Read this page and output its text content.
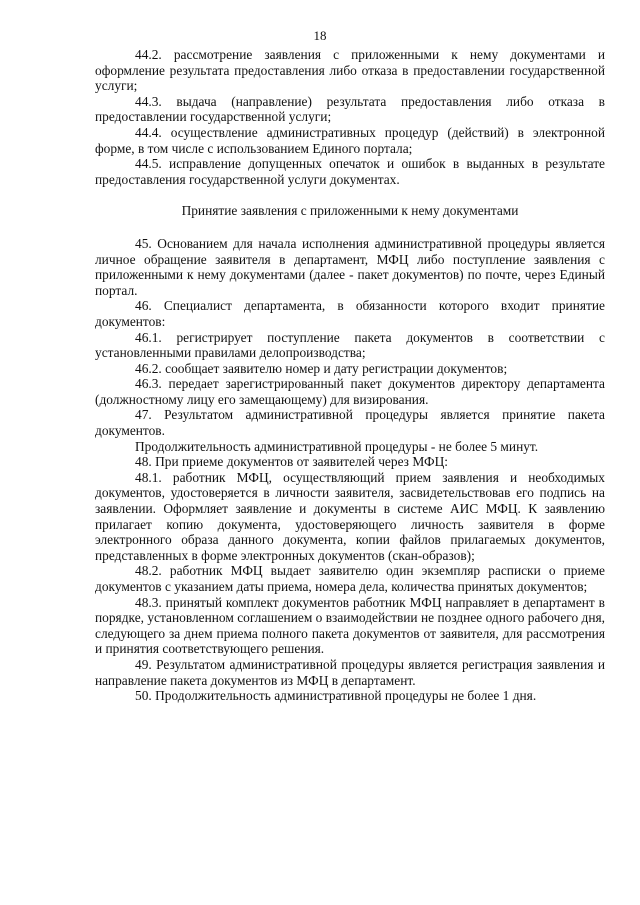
18

44.2. рассмотрение заявления с приложенными к нему документами и оформление результата предоставления либо отказа в предоставлении государственной услуги;

44.3. выдача (направление) результата предоставления либо отказа в предоставлении государственной услуги;

44.4. осуществление административных процедур (действий) в электронной форме, в том числе с использованием Единого портала;

44.5. исправление допущенных опечаток и ошибок в выданных в результате предоставления государственной услуги документах.

Принятие заявления с приложенными к нему документами

45. Основанием для начала исполнения административной процедуры является личное обращение заявителя в департамент, МФЦ либо поступление заявления с приложенными к нему документами (далее - пакет документов) по почте, через Единый портал.

46. Специалист департамента, в обязанности которого входит принятие документов:

46.1. регистрирует поступление пакета документов в соответствии с установленными правилами делопроизводства;

46.2. сообщает заявителю номер и дату регистрации документов;

46.3. передает зарегистрированный пакет документов директору департамента (должностному лицу его замещающему) для визирования.

47. Результатом административной процедуры является принятие пакета документов.

Продолжительность административной процедуры - не более 5 минут.

48. При приеме документов от заявителей через МФЦ:

48.1. работник МФЦ, осуществляющий прием заявления и необходимых документов, удостоверяется в личности заявителя, засвидетельствовав его подпись на заявлении. Оформляет заявление и документы в системе АИС МФЦ. К заявлению прилагает копию документа, удостоверяющего личность заявителя в форме электронного образа данного документа, копии файлов прилагаемых документов, представленных в форме электронных документов (скан-образов);

48.2. работник МФЦ выдает заявителю один экземпляр расписки о приеме документов с указанием даты приема, номера дела, количества принятых документов;

48.3. принятый комплект документов работник МФЦ направляет в департамент в порядке, установленном соглашением о взаимодействии не позднее одного рабочего дня, следующего за днем приема полного пакета документов от заявителя, для рассмотрения и принятия соответствующего решения.

49. Результатом административной процедуры является регистрация заявления и направление пакета документов из МФЦ в департамент.

50. Продолжительность административной процедуры не более 1 дня.
